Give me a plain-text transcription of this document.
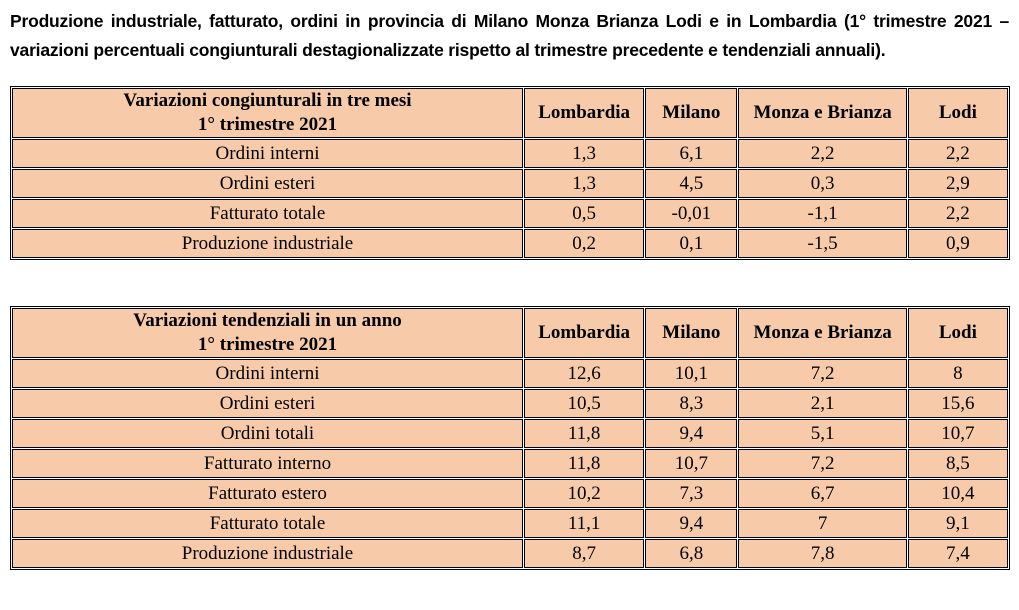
Produzione industriale, fatturato, ordini in provincia di Milano Monza Brianza Lodi e in Lombardia (1° trimestre 2021 – variazioni percentuali congiunturali destagionalizzate rispetto al trimestre precedente e tendenziali annuali).

Variazioni congiunturali in tre mesi
1° trimestre 2021	Lombardia	Milano	Monza e Brianza	Lodi
Ordini interni	1,3	6,1	2,2	2,2
Ordini esteri	1,3	4,5	0,3	2,9
Fatturato totale	0,5	-0,01	-1,1	2,2
Produzione industriale	0,2	0,1	-1,5	0,9
Variazioni tendenziali in un anno
1° trimestre 2021	Lombardia	Milano	Monza e Brianza	Lodi
Ordini interni	12,6	10,1	7,2	8
Ordini esteri	10,5	8,3	2,1	15,6
Ordini totali	11,8	9,4	5,1	10,7
Fatturato interno	11,8	10,7	7,2	8,5
Fatturato estero	10,2	7,3	6,7	10,4
Fatturato totale	11,1	9,4	7	9,1
Produzione industriale	8,7	6,8	7,8	7,4
